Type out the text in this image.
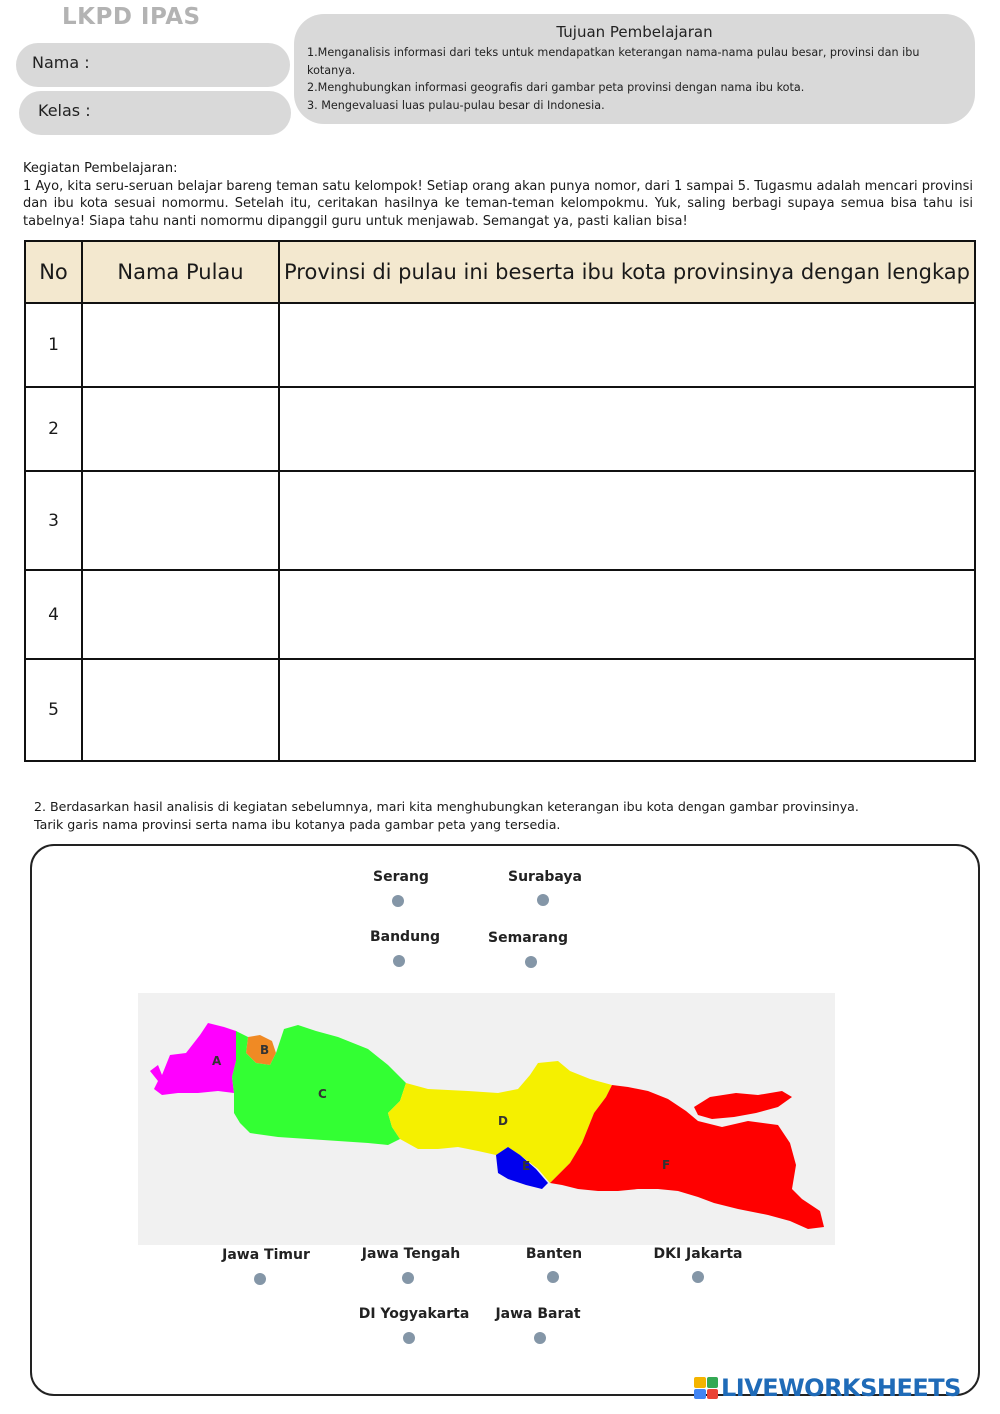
LKPD IPAS
Nama :
Kelas :
Tujuan Pembelajaran
1.Menganalisis informasi dari teks untuk mendapatkan keterangan nama-nama pulau besar, provinsi dan ibu kotanya.
2.Menghubungkan informasi geografis dari gambar peta provinsi dengan nama ibu kota.
3. Mengevaluasi luas pulau-pulau besar di Indonesia.
Kegiatan Pembelajaran:

1 Ayo, kita seru-seruan belajar bareng teman satu kelompok! Setiap orang akan punya nomor, dari 1 sampai 5. Tugasmu adalah mencari provinsi dan ibu kota sesuai nomormu. Setelah itu, ceritakan hasilnya ke teman-teman kelompokmu. Yuk, saling berbagi supaya semua bisa tahu isi tabelnya! Siapa tahu nanti nomormu dipanggil guru untuk menjawab. Semangat ya, pasti kalian bisa!

No	Nama Pulau	Provinsi di pulau ini beserta ibu kota provinsinya dengan lengkap
1		
2		
3		
4		
5		
2. Berdasarkan hasil analisis di kegiatan sebelumnya, mari kita menghubungkan keterangan ibu kota dengan gambar provinsinya.
Tarik garis nama provinsi serta nama ibu kotanya pada gambar peta yang tersedia.
Serang	Surabaya
Bandung	Semarang
A
B
C
D
E	F
Jawa Timur	Jawa Tengah	Banten	DKI Jakarta
DI Yogyakarta Jawa Barat
LIVEWORKSHEETS
